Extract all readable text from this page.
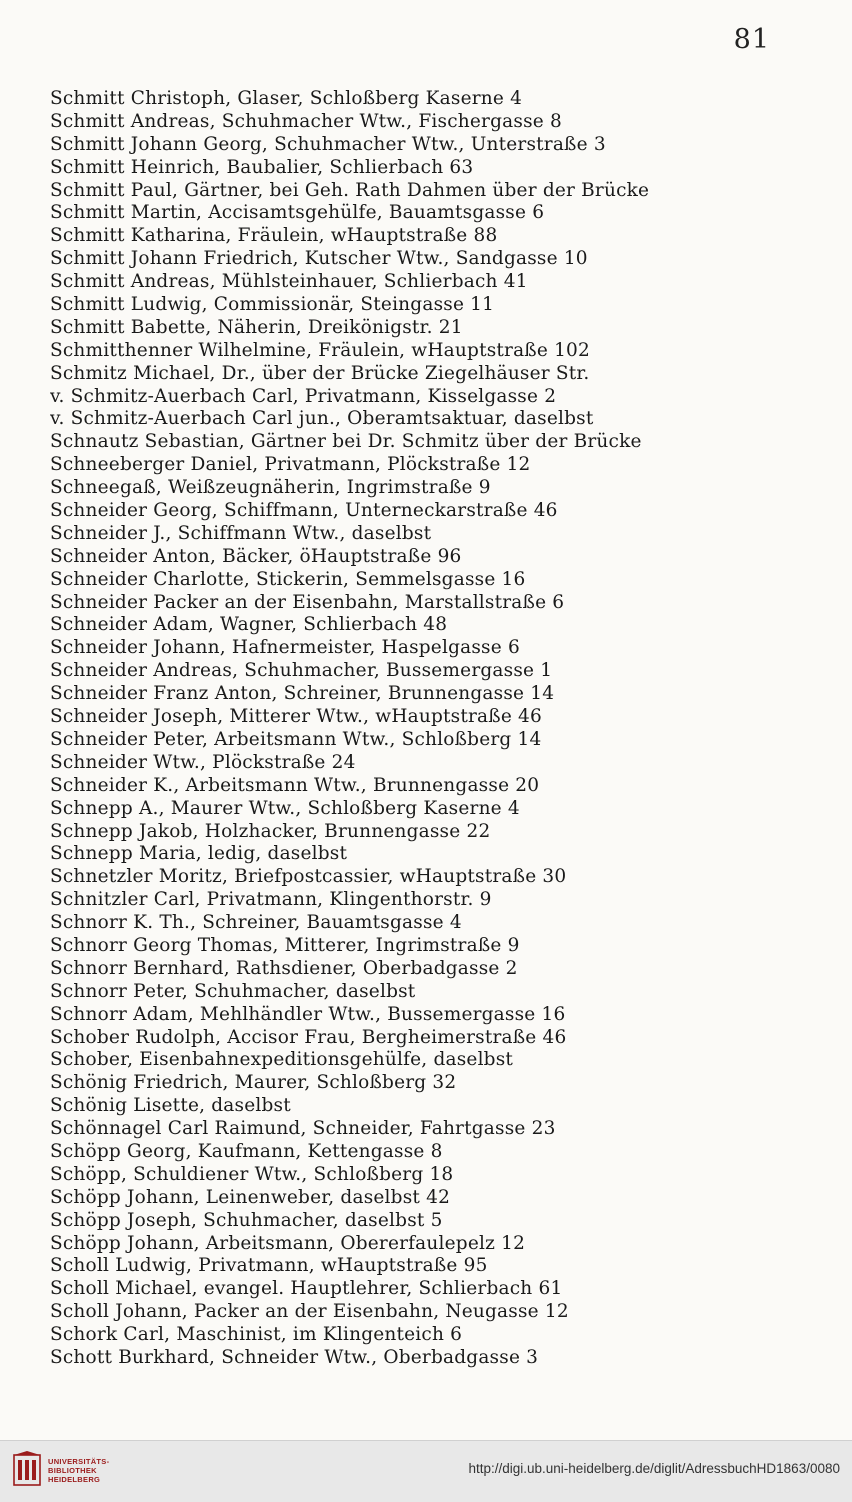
81
Schmitt Christoph, Glaser, Schloßberg Kaserne 4
Schmitt Andreas, Schuhmacher Wtw., Fischergasse 8
Schmitt Johann Georg, Schuhmacher Wtw., Unterstraße 3
Schmitt Heinrich, Baubalier, Schlierbach 63
Schmitt Paul, Gärtner, bei Geh. Rath Dahmen über der Brücke
Schmitt Martin, Accisamtsgehülfe, Bauamtsgasse 6
Schmitt Katharina, Fräulein, wHauptstraße 88
Schmitt Johann Friedrich, Kutscher Wtw., Sandgasse 10
Schmitt Andreas, Mühlsteinhauer, Schlierbach 41
Schmitt Ludwig, Commissionär, Steingasse 11
Schmitt Babette, Näherin, Dreikönigstr. 21
Schmitthenner Wilhelmine, Fräulein, wHauptstraße 102
Schmitz Michael, Dr., über der Brücke Ziegelhäuser Str.
v. Schmitz-Auerbach Carl, Privatmann, Kisselgasse 2
v. Schmitz-Auerbach Carl jun., Oberamtsaktuar, daselbst
Schnautz Sebastian, Gärtner bei Dr. Schmitz über der Brücke
Schneeberger Daniel, Privatmann, Plöckstraße 12
Schneegaß, Weißzeugnäherin, Ingrimstraße 9
Schneider Georg, Schiffmann, Unterneckarstraße 46
Schneider J., Schiffmann Wtw., daselbst
Schneider Anton, Bäcker, öHauptstraße 96
Schneider Charlotte, Stickerin, Semmelsgasse 16
Schneider Packer an der Eisenbahn, Marstallstraße 6
Schneider Adam, Wagner, Schlierbach 48
Schneider Johann, Hafnermeister, Haspelgasse 6
Schneider Andreas, Schuhmacher, Bussemergasse 1
Schneider Franz Anton, Schreiner, Brunnengasse 14
Schneider Joseph, Mitterer Wtw., wHauptstraße 46
Schneider Peter, Arbeitsmann Wtw., Schloßberg 14
Schneider Wtw., Plöckstraße 24
Schneider K., Arbeitsmann Wtw., Brunnengasse 20
Schnepp A., Maurer Wtw., Schloßberg Kaserne 4
Schnepp Jakob, Holzhacker, Brunnengasse 22
Schnepp Maria, ledig, daselbst
Schnetzler Moritz, Briefpostcassier, wHauptstraße 30
Schnitzler Carl, Privatmann, Klingenthorstr. 9
Schnorr K. Th., Schreiner, Bauamtsgasse 4
Schnorr Georg Thomas, Mitterer, Ingrimstraße 9
Schnorr Bernhard, Rathsdiener, Oberbadgasse 2
Schnorr Peter, Schuhmacher, daselbst
Schnorr Adam, Mehlhändler Wtw., Bussemergasse 16
Schober Rudolph, Accisor Frau, Bergheimerstraße 46
Schober, Eisenbahnexpeditionsgehülfe, daselbst
Schönig Friedrich, Maurer, Schloßberg 32
Schönig Lisette, daselbst
Schönnagel Carl Raimund, Schneider, Fahrtgasse 23
Schöpp Georg, Kaufmann, Kettengasse 8
Schöpp, Schuldiener Wtw., Schloßberg 18
Schöpp Johann, Leinenweber, daselbst 42
Schöpp Joseph, Schuhmacher, daselbst 5
Schöpp Johann, Arbeitsmann, Obererfaulepelz 12
Scholl Ludwig, Privatmann, wHauptstraße 95
Scholl Michael, evangel. Hauptlehrer, Schlierbach 61
Scholl Johann, Packer an der Eisenbahn, Neugasse 12
Schork Carl, Maschinist, im Klingenteich 6
Schott Burkhard, Schneider Wtw., Oberbadgasse 3
UNIVERSITÄTS-
BIBLIOTHEK
HEIDELBERG
http://digi.ub.uni-heidelberg.de/diglit/AdressbuchHD1863/0080
